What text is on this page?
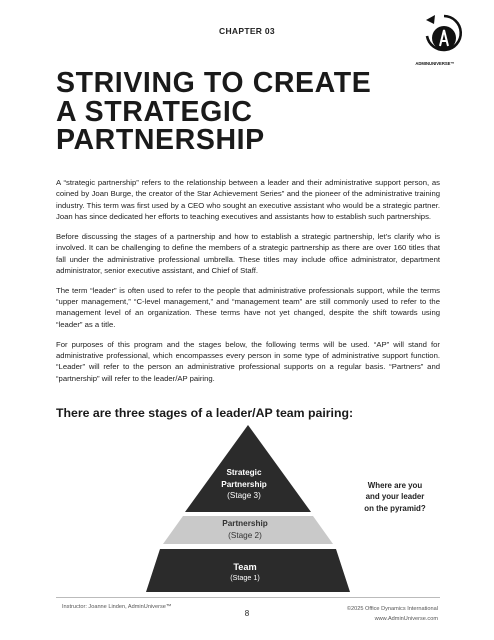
CHAPTER 03
ADMINUNIVERSE™
STRIVING TO CREATE
A STRATEGIC
PARTNERSHIP

A “strategic partnership” refers to the relationship between a leader and their administrative support person, as coined by Joan Burge, the creator of the Star Achievement Series” and the pioneer of the administrative training industry. This term was first used by a CEO who sought an executive assistant who would be a strategic partner. Joan has since dedicated her efforts to teaching executives and assistants how to establish such partnerships.

Before discussing the stages of a partnership and how to establish a strategic partnership, let’s clarify who is involved. It can be challenging to define the members of a strategic partnership as there are over 160 titles that fall under the administrative professional umbrella. These titles may include office administrator, department administrator, senior executive assistant, and Chief of Staff.

The term “leader” is often used to refer to the people that administrative professionals support, while the terms “upper management,” “C-level management,” and “management team” are still commonly used to refer to the management level of an organization. These terms have not yet changed, despite the shift towards using “leader” as a title.

For purposes of this program and the stages below, the following terms will be used. “AP” will stand for administrative professional, which encompasses every person in some type of administrative support function. “Leader” will refer to the person an administrative professional supports on a regular basis. “Partners” and “partnership” will refer to the leader/AP pairing.

There are three stages of a leader/AP team pairing:
Strategic
Partnership
(Stage 3)
Partnership
(Stage 2)
Team
(Stage 1)
Where are you
and your leader
on the pyramid?
Instructor: Joanne Linden, AdminUniverse™
8	©2025 Office Dynamics International
www.AdminUniverse.com
